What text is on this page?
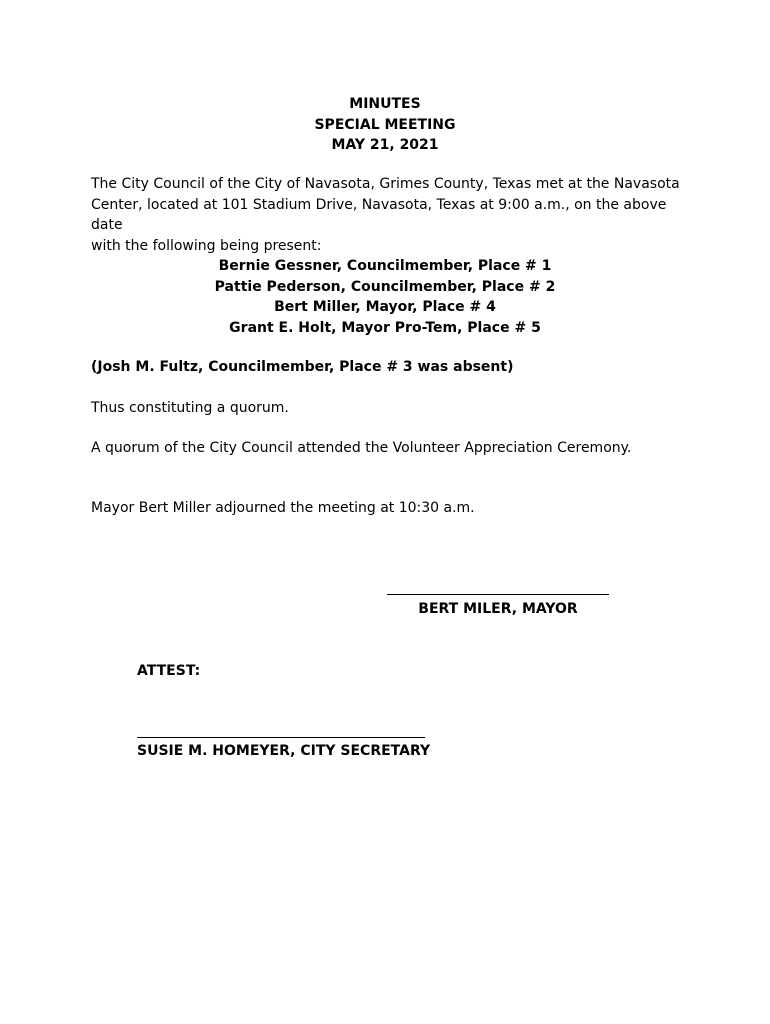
MINUTES
SPECIAL MEETING
MAY 21, 2021
The City Council of the City of Navasota, Grimes County, Texas met at the Navasota
Center, located at 101 Stadium Drive, Navasota, Texas at 9:00 a.m., on the above date
with the following being present:
Bernie Gessner, Councilmember, Place # 1
Pattie Pederson, Councilmember, Place # 2
Bert Miller, Mayor, Place # 4
Grant E. Holt, Mayor Pro-Tem, Place # 5
(Josh M. Fultz, Councilmember, Place # 3 was absent)
Thus constituting a quorum.
A quorum of the City Council attended the Volunteer Appreciation Ceremony.
Mayor Bert Miller adjourned the meeting at 10:30 a.m.
BERT MILER, MAYOR
ATTEST:
SUSIE M. HOMEYER, CITY SECRETARY
